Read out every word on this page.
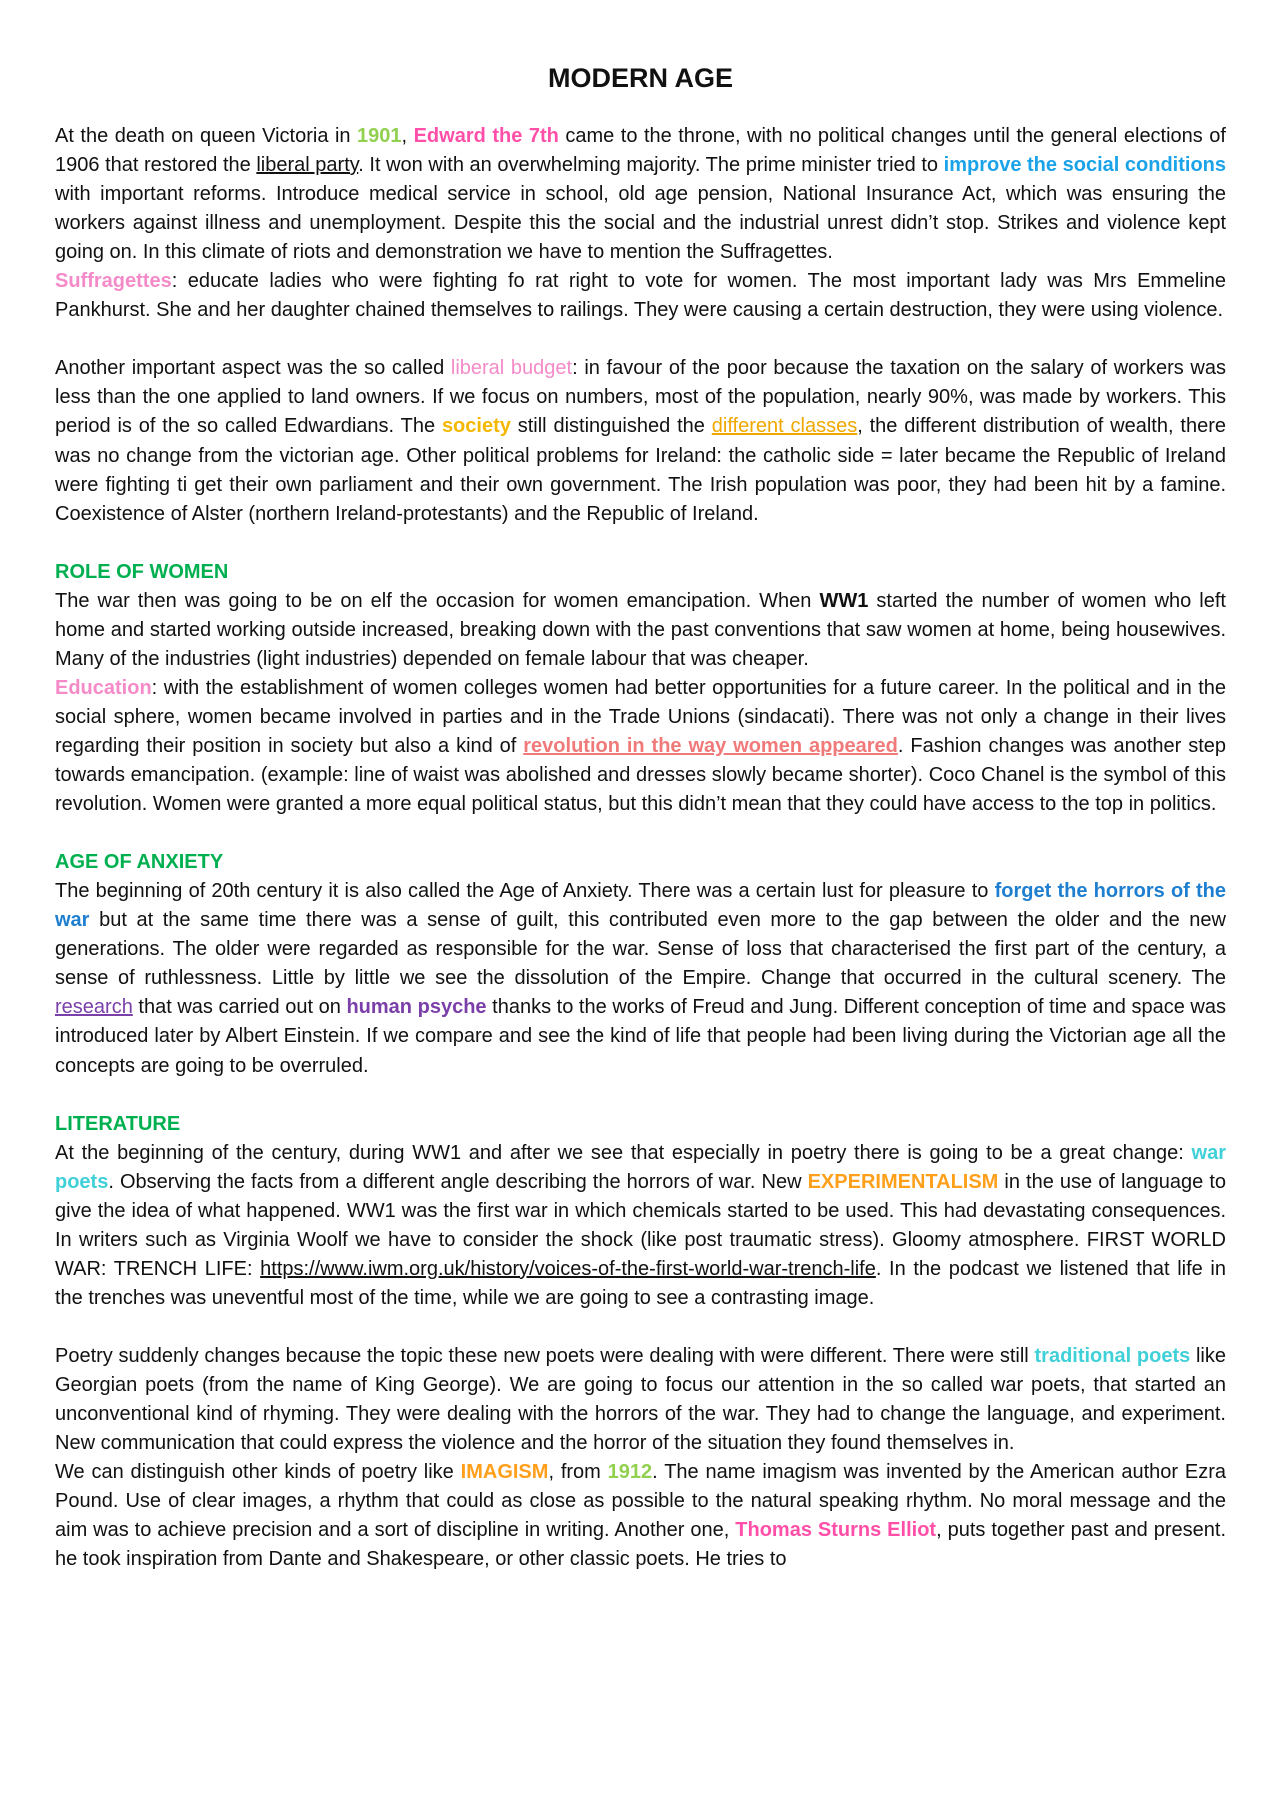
MODERN AGE

At the death on queen Victoria in 1901, Edward the 7th came to the throne, with no political changes until the general elections of 1906 that restored the liberal party. It won with an overwhelming majority. The prime minister tried to improve the social conditions with important reforms. Introduce medical service in school, old age pension, National Insurance Act, which was ensuring the workers against illness and unemployment. Despite this the social and the industrial unrest didn’t stop. Strikes and violence kept going on. In this climate of riots and demonstration we have to mention the Suffragettes.

Suffragettes: educate ladies who were fighting fo rat right to vote for women. The most important lady was Mrs Emmeline Pankhurst. She and her daughter chained themselves to railings. They were causing a certain destruction, they were using violence.

Another important aspect was the so called liberal budget: in favour of the poor because the taxation on the salary of workers was less than the one applied to land owners. If we focus on numbers, most of the population, nearly 90%, was made by workers. This period is of the so called Edwardians. The society still distinguished the different classes, the different distribution of wealth, there was no change from the victorian age. Other political problems for Ireland: the catholic side = later became the Republic of Ireland were fighting ti get their own parliament and their own government. The Irish population was poor, they had been hit by a famine. Coexistence of Alster (northern Ireland-protestants) and the Republic of Ireland.

ROLE OF WOMEN

The war then was going to be on elf the occasion for women emancipation. When WW1 started the number of women who left home and started working outside increased, breaking down with the past conventions that saw women at home, being housewives. Many of the industries (light industries) depended on female labour that was cheaper.

Education: with the establishment of women colleges women had better opportunities for a future career. In the political and in the social sphere, women became involved in parties and in the Trade Unions (sindacati). There was not only a change in their lives regarding their position in society but also a kind of revolution in the way women appeared. Fashion changes was another step towards emancipation. (example: line of waist was abolished and dresses slowly became shorter). Coco Chanel is the symbol of this revolution. Women were granted a more equal political status, but this didn’t mean that they could have access to the top in politics.

AGE OF ANXIETY

The beginning of 20th century it is also called the Age of Anxiety. There was a certain lust for pleasure to forget the horrors of the war but at the same time there was a sense of guilt, this contributed even more to the gap between the older and the new generations. The older were regarded as responsible for the war. Sense of loss that characterised the first part of the century, a sense of ruthlessness. Little by little we see the dissolution of the Empire. Change that occurred in the cultural scenery. The research that was carried out on human psyche thanks to the works of Freud and Jung. Different conception of time and space was introduced later by Albert Einstein. If we compare and see the kind of life that people had been living during the Victorian age all the concepts are going to be overruled.

LITERATURE

At the beginning of the century, during WW1 and after we see that especially in poetry there is going to be a great change: war poets. Observing the facts from a different angle describing the horrors of war. New EXPERIMENTALISM in the use of language to give the idea of what happened. WW1 was the first war in which chemicals started to be used. This had devastating consequences. In writers such as Virginia Woolf we have to consider the shock (like post traumatic stress). Gloomy atmosphere. FIRST WORLD WAR: TRENCH LIFE: https://www.iwm.org.uk/history/voices-of-the-first-world-war-trench-life. In the podcast we listened that life in the trenches was uneventful most of the time, while we are going to see a contrasting image.

Poetry suddenly changes because the topic these new poets were dealing with were different. There were still traditional poets like Georgian poets (from the name of King George). We are going to focus our attention in the so called war poets, that started an unconventional kind of rhyming. They were dealing with the horrors of the war. They had to change the language, and experiment. New communication that could express the violence and the horror of the situation they found themselves in.

We can distinguish other kinds of poetry like IMAGISM, from 1912. The name imagism was invented by the American author Ezra Pound. Use of clear images, a rhythm that could as close as possible to the natural speaking rhythm. No moral message and the aim was to achieve precision and a sort of discipline in writing. Another one, Thomas Sturns Elliot, puts together past and present. he took inspiration from Dante and Shakespeare, or other classic poets. He tries to
